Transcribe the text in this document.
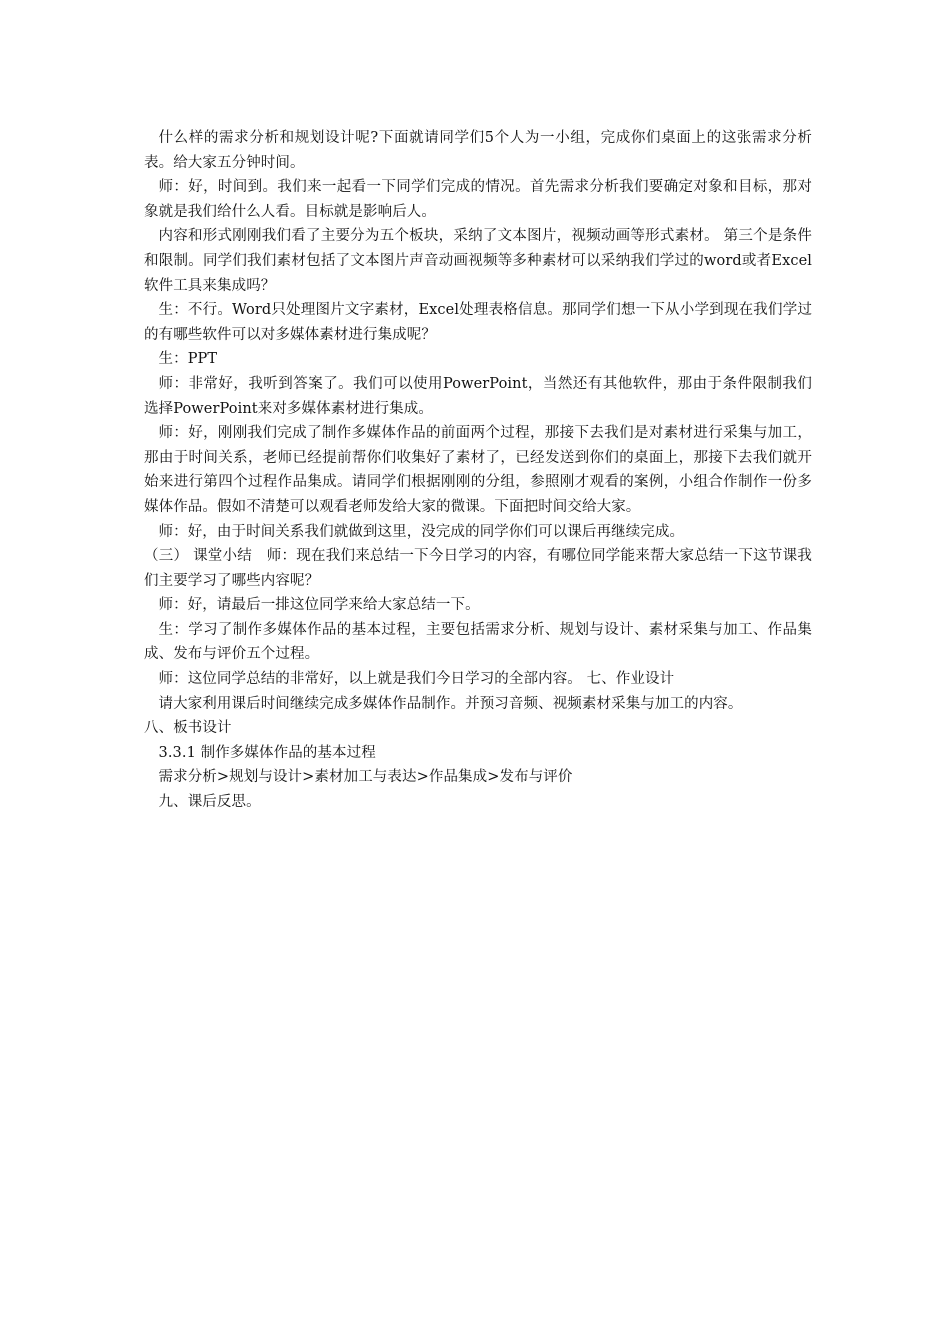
什么样的需求分析和规划设计呢?下面就请同学们5个人为一小组，完成你们桌面上的这张需求分析表。给大家五分钟时间。

师：好，时间到。我们来一起看一下同学们完成的情况。首先需求分析我们要确定对象和目标，那对象就是我们给什么人看。目标就是影响后人。

内容和形式刚刚我们看了主要分为五个板块，采纳了文本图片，视频动画等形式素材。 第三个是条件和限制。同学们我们素材包括了文本图片声音动画视频等多种素材可以采纳我们学过的word或者Excel软件工具来集成吗？

生：不行。Word只处理图片文字素材，Excel处理表格信息。那同学们想一下从小学到现在我们学过的有哪些软件可以对多媒体素材进行集成呢？

生：PPT

师：非常好，我听到答案了。我们可以使用PowerPoint，当然还有其他软件，那由于条件限制我们选择PowerPoint来对多媒体素材进行集成。

师：好，刚刚我们完成了制作多媒体作品的前面两个过程，那接下去我们是对素材进行采集与加工，那由于时间关系，老师已经提前帮你们收集好了素材了，已经发送到你们的桌面上，那接下去我们就开始来进行第四个过程作品集成。请同学们根据刚刚的分组，参照刚才观看的案例，小组合作制作一份多媒体作品。假如不清楚可以观看老师发给大家的微课。下面把时间交给大家。

师：好，由于时间关系我们就做到这里，没完成的同学你们可以课后再继续完成。

（三） 课堂小结　师：现在我们来总结一下今日学习的内容，有哪位同学能来帮大家总结一下这节课我们主要学习了哪些内容呢？

师：好，请最后一排这位同学来给大家总结一下。

生：学习了制作多媒体作品的基本过程，主要包括需求分析、规划与设计、素材采集与加工、作品集成、发布与评价五个过程。

师：这位同学总结的非常好，以上就是我们今日学习的全部内容。 七、作业设计

请大家利用课后时间继续完成多媒体作品制作。并预习音频、视频素材采集与加工的内容。

八、板书设计

3.3.1 制作多媒体作品的基本过程

需求分析>规划与设计>素材加工与表达>作品集成>发布与评价

九、课后反思。
